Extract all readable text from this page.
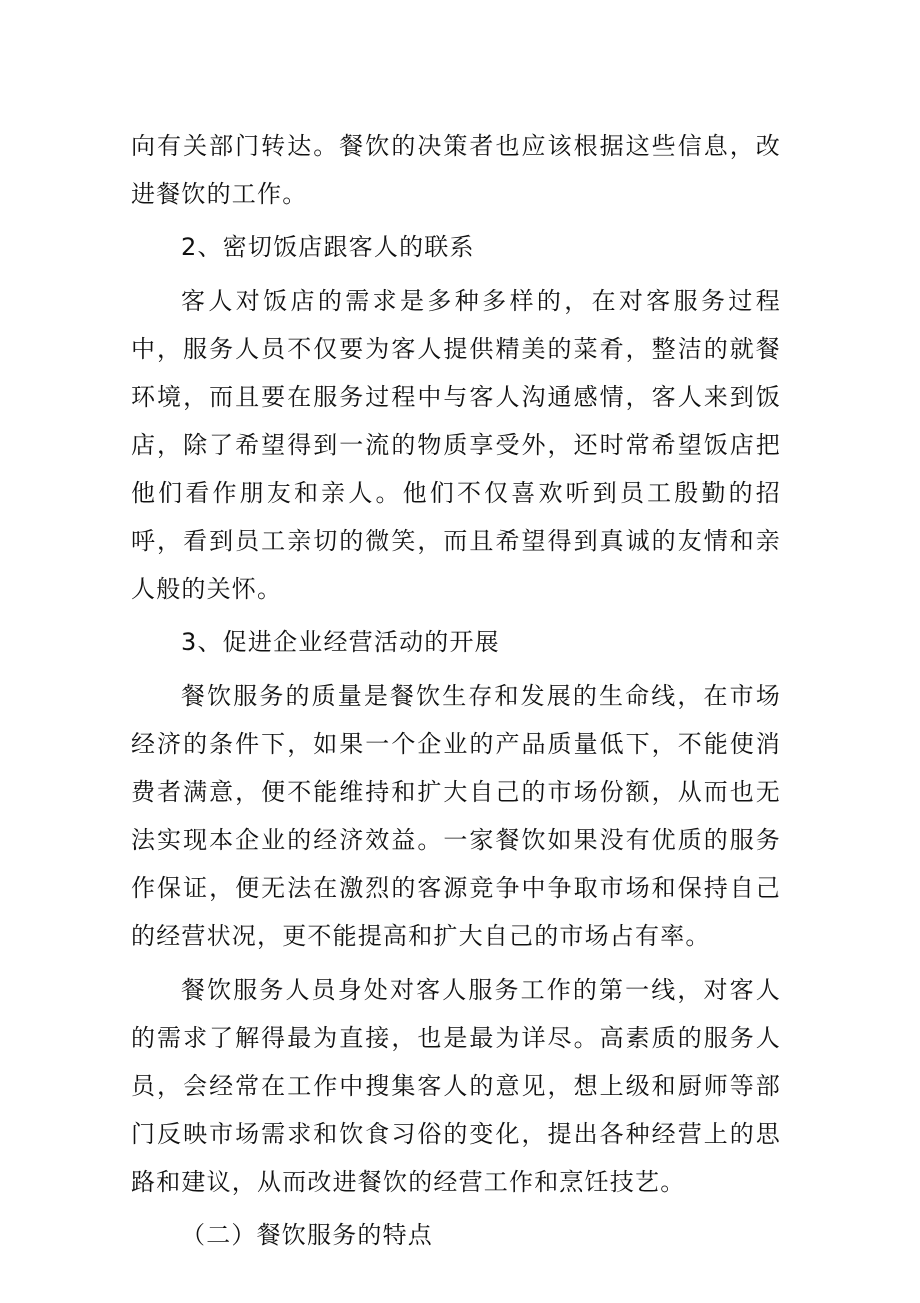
向有关部门转达。餐饮的决策者也应该根据这些信息，改进餐饮的工作。

2、密切饭店跟客人的联系

客人对饭店的需求是多种多样的，在对客服务过程中，服务人员不仅要为客人提供精美的菜肴，整洁的就餐环境，而且要在服务过程中与客人沟通感情，客人来到饭店，除了希望得到一流的物质享受外，还时常希望饭店把他们看作朋友和亲人。他们不仅喜欢听到员工殷勤的招呼，看到员工亲切的微笑，而且希望得到真诚的友情和亲人般的关怀。

3、促进企业经营活动的开展

餐饮服务的质量是餐饮生存和发展的生命线，在市场经济的条件下，如果一个企业的产品质量低下，不能使消费者满意，便不能维持和扩大自己的市场份额，从而也无法实现本企业的经济效益。一家餐饮如果没有优质的服务作保证，便无法在激烈的客源竞争中争取市场和保持自己的经营状况，更不能提高和扩大自己的市场占有率。

餐饮服务人员身处对客人服务工作的第一线，对客人的需求了解得最为直接，也是最为详尽。高素质的服务人员，会经常在工作中搜集客人的意见，想上级和厨师等部门反映市场需求和饮食习俗的变化，提出各种经营上的思路和建议，从而改进餐饮的经营工作和烹饪技艺。

（二）餐饮服务的特点
